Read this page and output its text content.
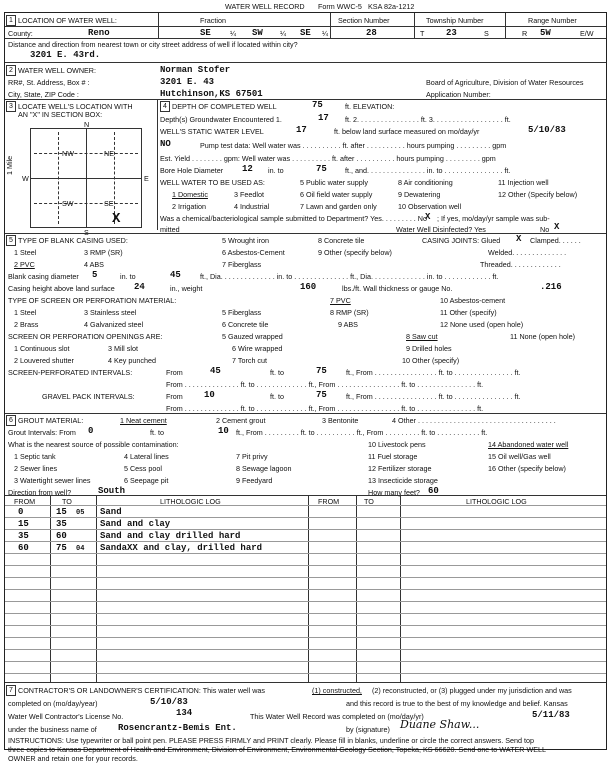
WATER WELL RECORD Form WWC-5 KSA 82a-1212
1 LOCATION OF WATER WELL:	Fraction	Section Number	Township Number	Range Number
County:	Reno	SE	¼ SW ¼ SE ¼	28	T 23	S	R 5W	E/W
Distance and direction from nearest town or city street address of well if located within city?
3201 E. 43rd.
2 WATER WELL OWNER:	Norman Stofer
RR#, St. Address, Box # :	3201 E. 43	Board of Agriculture, Division of Water Resources
City, State, ZIP Code :	Hutchinson,KS 67501	Application Number:
3 LOCATE WELL'S LOCATION WITH
AN "X" IN SECTION BOX:
N
S
W	E
1 Mile
NW	NE
SW	SE
X
4 DEPTH OF COMPLETED WELL	75	ft. ELEVATION:
Depth(s) Groundwater Encountered 1.	17 ft. 2. . . . . . . . . . . . . . . . ft. 3. . . . . . . . . . . . . . . . . . ft.
WELL'S STATIC WATER LEVEL	17	ft. below land surface measured on mo/day/yr	5/10/83
NO	Pump test data: Well water was . . . . . . . . . . ft. after . . . . . . . . . . hours pumping . . . . . . . . . gpm
Est. Yield . . . . . . . . gpm: Well water was . . . . . . . . . . ft. after . . . . . . . . . . hours pumping . . . . . . . . . gpm
Bore Hole Diameter 12 in. to	75	ft., and. . . . . . . . . . . . . . . in. to . . . . . . . . . . . . . . . ft.
WELL WATER TO BE USED AS:	5 Public water supply	8 Air conditioning	11 Injection well
1 Domestic	3 Feedlot	6 Oil field water supply	9 Dewatering	12 Other (Specify below)
2 Irrigation	4 Industrial	7 Lawn and garden only	10 Observation well
Was a chemical/bacteriological sample submitted to Department? Yes. . . . . . . . . No
X ; If yes, mo/day/yr sample was sub-
mitted	Water Well Disinfected? Yes	No X
5 TYPE OF BLANK CASING USED:	5 Wrought iron	8 Concrete tile	CASING JOINTS: Glued X Clamped. . . . . .
1 Steel	3 RMP (SR)	6 Asbestos-Cement	9 Other (specify below)	Welded. . . . . . . . . . . . . .
2 PVC	4 ABS	7 Fiberglass	Threaded. . . . . . . . . . . . .
Blank casing diameter 5	in. to	45	ft., Dia. . . . . . . . . . . . . . in. to . . . . . . . . . . . . . . ft., Dia. . . . . . . . . . . . . . in. to . . . . . . . . . . . . ft.
Casing height above land surface 24	in., weight	160	lbs./ft. Wall thickness or gauge No.	.216
TYPE OF SCREEN OR PERFORATION MATERIAL:	7 PVC	10 Asbestos-cement
1 Steel	3 Stainless steel	5 Fiberglass	8 RMP (SR)	11 Other (specify)
2 Brass	4 Galvanized steel	6 Concrete tile	9 ABS	12 None used (open hole)
SCREEN OR PERFORATION OPENINGS ARE:	5 Gauzed wrapped	8 Saw cut	11 None (open hole)
1 Continuous slot	3 Mill slot	6 Wire wrapped	9 Drilled holes
2 Louvered shutter	4 Key punched	7 Torch cut	10 Other (specify)
SCREEN-PERFORATED INTERVALS:	From	45	ft. to	75	ft., From . . . . . . . . . . . . . . . . ft. to . . . . . . . . . . . . . . . ft.
From . . . . . . . . . . . . . . ft. to . . . . . . . . . . . . . ft., From . . . . . . . . . . . . . . . . ft. to . . . . . . . . . . . . . . . ft.
GRAVEL PACK INTERVALS:	From 10	ft. to	75	ft., From . . . . . . . . . . . . . . . . ft. to . . . . . . . . . . . . . . . ft.
From . . . . . . . . . . . . . . ft. to . . . . . . . . . . . . . ft., From . . . . . . . . . . . . . . . . ft. to . . . . . . . . . . . . . . . ft.
6 GROUT MATERIAL:	1 Neat cement	2 Cement grout	3 Bentonite	4 Other . . . . . . . . . . . . . . . . . . . . . . . . . . . . . . . . . . .
Grout Intervals: From 0	ft. to	10 ft., From . . . . . . . . . ft. to . . . . . . . . . . ft., From . . . . . . . . . ft. to . . . . . . . . . . . ft.
What is the nearest source of possible contamination:	10 Livestock pens	14 Abandoned water well
1 Septic tank	4 Lateral lines	7 Pit privy	11 Fuel storage	15 Oil well/Gas well
2 Sewer lines	5 Cess pool	8 Sewage lagoon	12 Fertilizer storage	16 Other (specify below)
3 Watertight sewer lines	6 Seepage pit	9 Feedyard	13 Insecticide storage
Direction from well?	South	How many feet? 60
FROM	TO	LITHOLOGIC LOG	FROM	TO	LITHOLOGIC LOG
0	15 05 Sand
15	35	Sand and clay
35	60	Sand and clay drilled hard
60	75 04 SandaXX and clay, drilled hard
7 CONTRACTOR'S OR LANDOWNER'S CERTIFICATION: This water well was	(1) constructed, (2) reconstructed, or (3) plugged under my jurisdiction and was
completed on (mo/day/year)	5/10/83	and this record is true to the best of my knowledge and belief. Kansas
Water Well Contractor's License No.	134	This Water Well Record was completed on (mo/day/yr)	5/11/83
under the business name of Rosencrantz-Bemis Ent.	by (signature) Duane Shaw...
INSTRUCTIONS: Use typewriter or ball point pen. PLEASE PRESS FIRMLY and PRINT clearly. Please fill in blanks, underline or circle the correct answers. Send top
three copies to Kansas Department of Health and Environment, Division of Environment, Environmental Geology Section, Topeka, KS 66620. Send one to WATER WELL
OWNER and retain one for your records.
